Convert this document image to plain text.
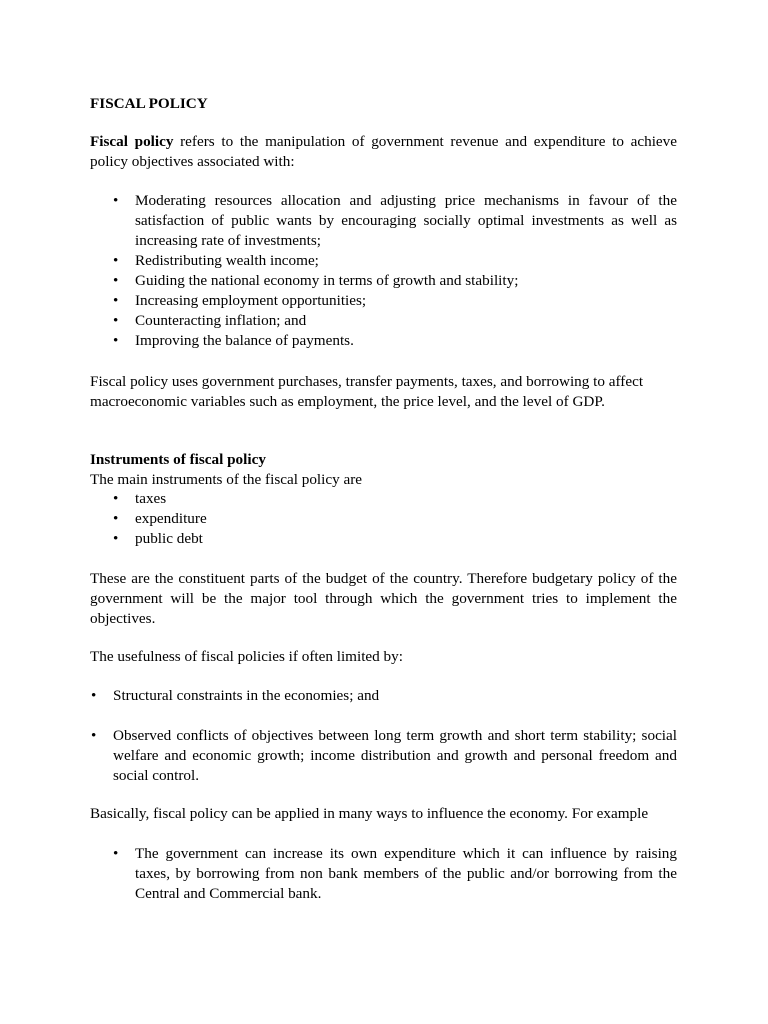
FISCAL POLICY
Fiscal policy refers to the manipulation of government revenue and expenditure to achieve policy objectives associated with:
• Moderating resources allocation and adjusting price mechanisms in favour of the satisfaction of public wants by encouraging socially optimal investments as well as increasing rate of investments;
• Redistributing wealth income;
• Guiding the national economy in terms of growth and stability;
• Increasing employment opportunities;
• Counteracting inflation; and
• Improving the balance of payments.
Fiscal policy uses government purchases, transfer payments, taxes, and borrowing to affect macroeconomic variables such as employment, the price level, and the level of GDP.
Instruments of fiscal policy
The main instruments of the fiscal policy are
• taxes
• expenditure
• public debt
These are the constituent parts of the budget of the country. Therefore budgetary policy of the government will be the major tool through which the government tries to implement the objectives.
The usefulness of fiscal policies if often limited by:
• Structural constraints in the economies; and
• Observed conflicts of objectives between long term growth and short term stability; social welfare and economic growth; income distribution and growth and personal freedom and social control.
Basically, fiscal policy can be applied in many ways to influence the economy. For example
• The government can increase its own expenditure which it can influence by raising taxes, by borrowing from non bank members of the public and/or borrowing from the Central and Commercial bank.
